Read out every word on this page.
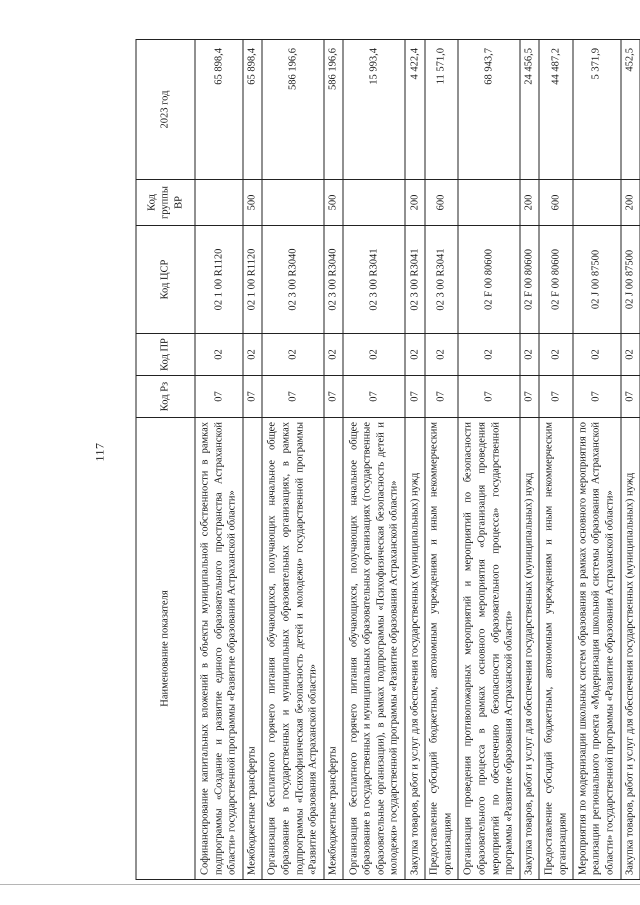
117
Наименование показателя	Код Рз	Код ПР	Код ЦСР	Код группы ВР	2023 год
Софинансирование капитальных вложений в объекты муниципальной собственности в рамках подпрограммы «Создание и развитие единого образовательного пространства Астраханской области» государственной программы «Развитие образования Астраханской области»	07	02	02 1 00 R1120		65 898,4
Межбюджетные трансферты	07	02	02 1 00 R1120	500	65 898,4
Организация бесплатного горячего питания обучающихся, получающих начальное общее образование в государственных и муниципальных образовательных организациях, в рамках подпрограммы «Психофизическая безопасность детей и молодежи» государственной программы «Развитие образования Астраханской области»	07	02	02 3 00 R3040		586 196,6
Межбюджетные трансферты	07	02	02 3 00 R3040	500	586 196,6
Организация бесплатного горячего питания обучающихся, получающих начальное общее образование в государственных и муниципальных образовательных организациях (государственные образовательные организации), в рамках подпрограммы «Психофизическая безопасность детей и молодежи» государственной программы «Развитие образования Астраханской области»	07	02	02 3 00 R3041		15 993,4
Закупка товаров, работ и услуг для обеспечения государственных (муниципальных) нужд	07	02	02 3 00 R3041	200	4 422,4
Предоставление субсидий бюджетным, автономным учреждениям и иным некоммерческим организациям	07	02	02 3 00 R3041	600	11 571,0
Организация проведения противопожарных мероприятий и мероприятий по безопасности образовательного процесса в рамках основного мероприятия «Организация проведения мероприятий по обеспечению безопасности образовательного процесса» государственной программы «Развитие образования Астраханской области»	07	02	02 F 00 80600		68 943,7
Закупка товаров, работ и услуг для обеспечения государственных (муниципальных) нужд	07	02	02 F 00 80600	200	24 456,5
Предоставление субсидий бюджетным, автономным учреждениям и иным некоммерческим организациям	07	02	02 F 00 80600	600	44 487,2
Мероприятия по модернизации школьных систем образования в рамках основного мероприятия по реализации регионального проекта «Модернизация школьной системы образования Астраханской области» государственной программы «Развитие образования Астраханской области»	07	02	02 J 00 87500		5 371,9
Закупка товаров, работ и услуг для обеспечения государственных (муниципальных) нужд	07	02	02 J 00 87500	200	452,5
